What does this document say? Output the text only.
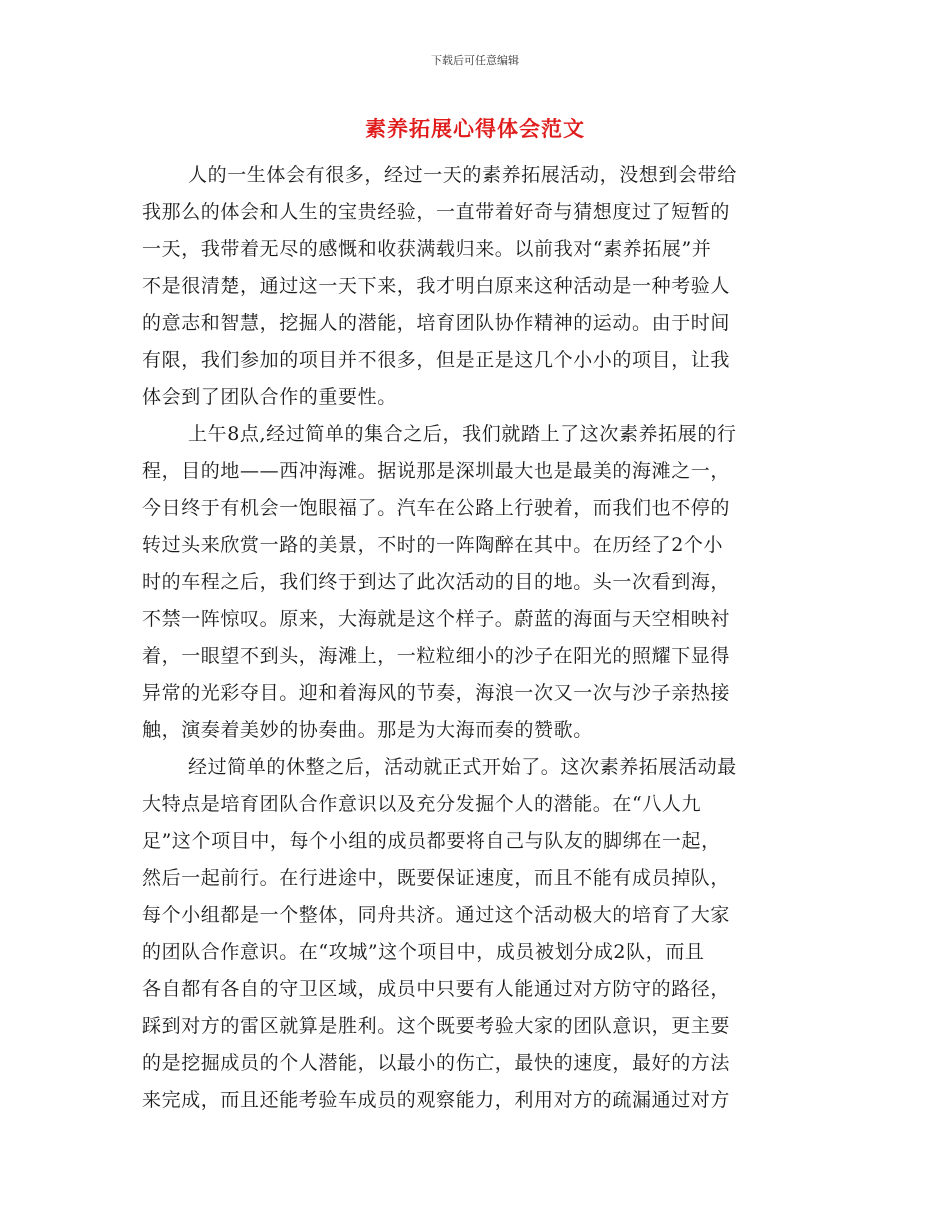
下载后可任意编辑
素养拓展心得体会范文
人的一生体会有很多，经过一天的素养拓展活动，没想到会带给
我那么的体会和人生的宝贵经验，一直带着好奇与猜想度过了短暂的
一天，我带着无尽的感慨和收获满载归来。以前我对“素养拓展”并
不是很清楚，通过这一天下来，我才明白原来这种活动是一种考验人
的意志和智慧，挖掘人的潜能，培育团队协作精神的运动。由于时间
有限，我们参加的项目并不很多，但是正是这几个小小的项目，让我
体会到了团队合作的重要性。
上午8点,经过简单的集合之后，我们就踏上了这次素养拓展的行
程，目的地——西冲海滩。据说那是深圳最大也是最美的海滩之一，
今日终于有机会一饱眼福了。汽车在公路上行驶着，而我们也不停的
转过头来欣赏一路的美景，不时的一阵陶醉在其中。在历经了2个小
时的车程之后，我们终于到达了此次活动的目的地。头一次看到海，
不禁一阵惊叹。原来，大海就是这个样子。蔚蓝的海面与天空相映衬
着，一眼望不到头，海滩上，一粒粒细小的沙子在阳光的照耀下显得
异常的光彩夺目。迎和着海风的节奏，海浪一次又一次与沙子亲热接
触，演奏着美妙的协奏曲。那是为大海而奏的赞歌。
经过简单的休整之后，活动就正式开始了。这次素养拓展活动最
大特点是培育团队合作意识以及充分发掘个人的潜能。在“八人九
足”这个项目中，每个小组的成员都要将自己与队友的脚绑在一起，
然后一起前行。在行进途中，既要保证速度，而且不能有成员掉队，
每个小组都是一个整体，同舟共济。通过这个活动极大的培育了大家
的团队合作意识。在“攻城”这个项目中，成员被划分成2队，而且
各自都有各自的守卫区域，成员中只要有人能通过对方防守的路径，
踩到对方的雷区就算是胜利。这个既要考验大家的团队意识，更主要
的是挖掘成员的个人潜能，以最小的伤亡，最快的速度，最好的方法
来完成，而且还能考验车成员的观察能力，利用对方的疏漏通过对方
